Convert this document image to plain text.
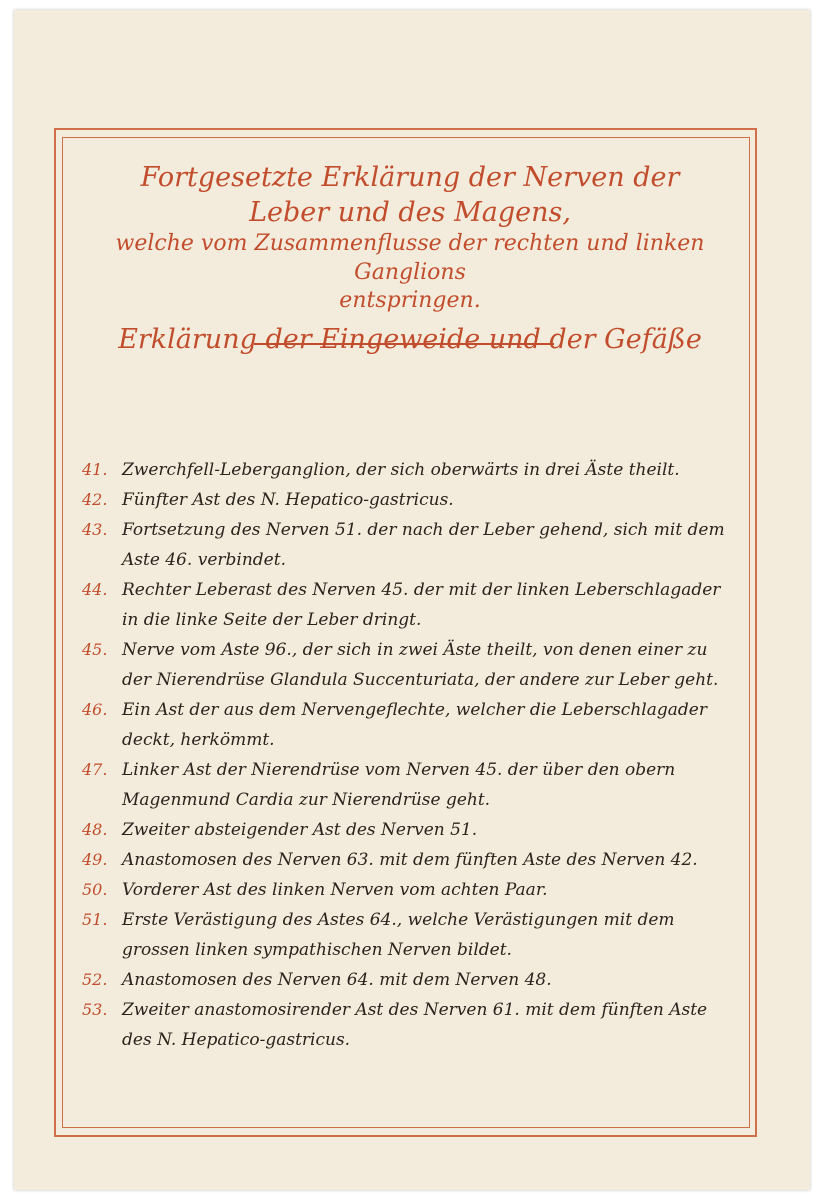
Fortgesetzte Erklärung der Nerven der Leber und des Magens,
welche vom Zusammenflusse der rechten und linken Ganglions
entspringen.
Erklärung der Eingeweide und der Gefäße
41. Zwerchfell-Leberganglion, der sich oberwärts in drei Äste theilt.
42. Fünfter Ast des N. Hepatico-gastricus.
43. Fortsetzung des Nerven 51. der nach der Leber gehend, sich mit dem Aste 46. verbindet.
44. Rechter Leberast des Nerven 45. der mit der linken Leberschlagader in die linke Seite der Leber dringt.
45. Nerve vom Aste 96., der sich in zwei Äste theilt, von denen einer zu der Nierendrüse Glandula Succenturiata, der andere zur Leber geht.
46. Ein Ast der aus dem Nervengeflechte, welcher die Leberschlagader deckt, herkömmt.
47. Linker Ast der Nierendrüse vom Nerven 45. der über den obern Magenmund Cardia zur Nierendrüse geht.
48. Zweiter absteigender Ast des Nerven 51.
49. Anastomosen des Nerven 63. mit dem fünften Aste des Nerven 42.
50. Vorderer Ast des linken Nerven vom achten Paar.
51. Erste Verästigung des Astes 64., welche Verästigungen mit dem grossen linken sympathischen Nerven bildet.
52. Anastomosen des Nerven 64. mit dem Nerven 48.
53. Zweiter anastomosirender Ast des Nerven 61. mit dem fünften Aste des N. Hepatico-gastricus.
